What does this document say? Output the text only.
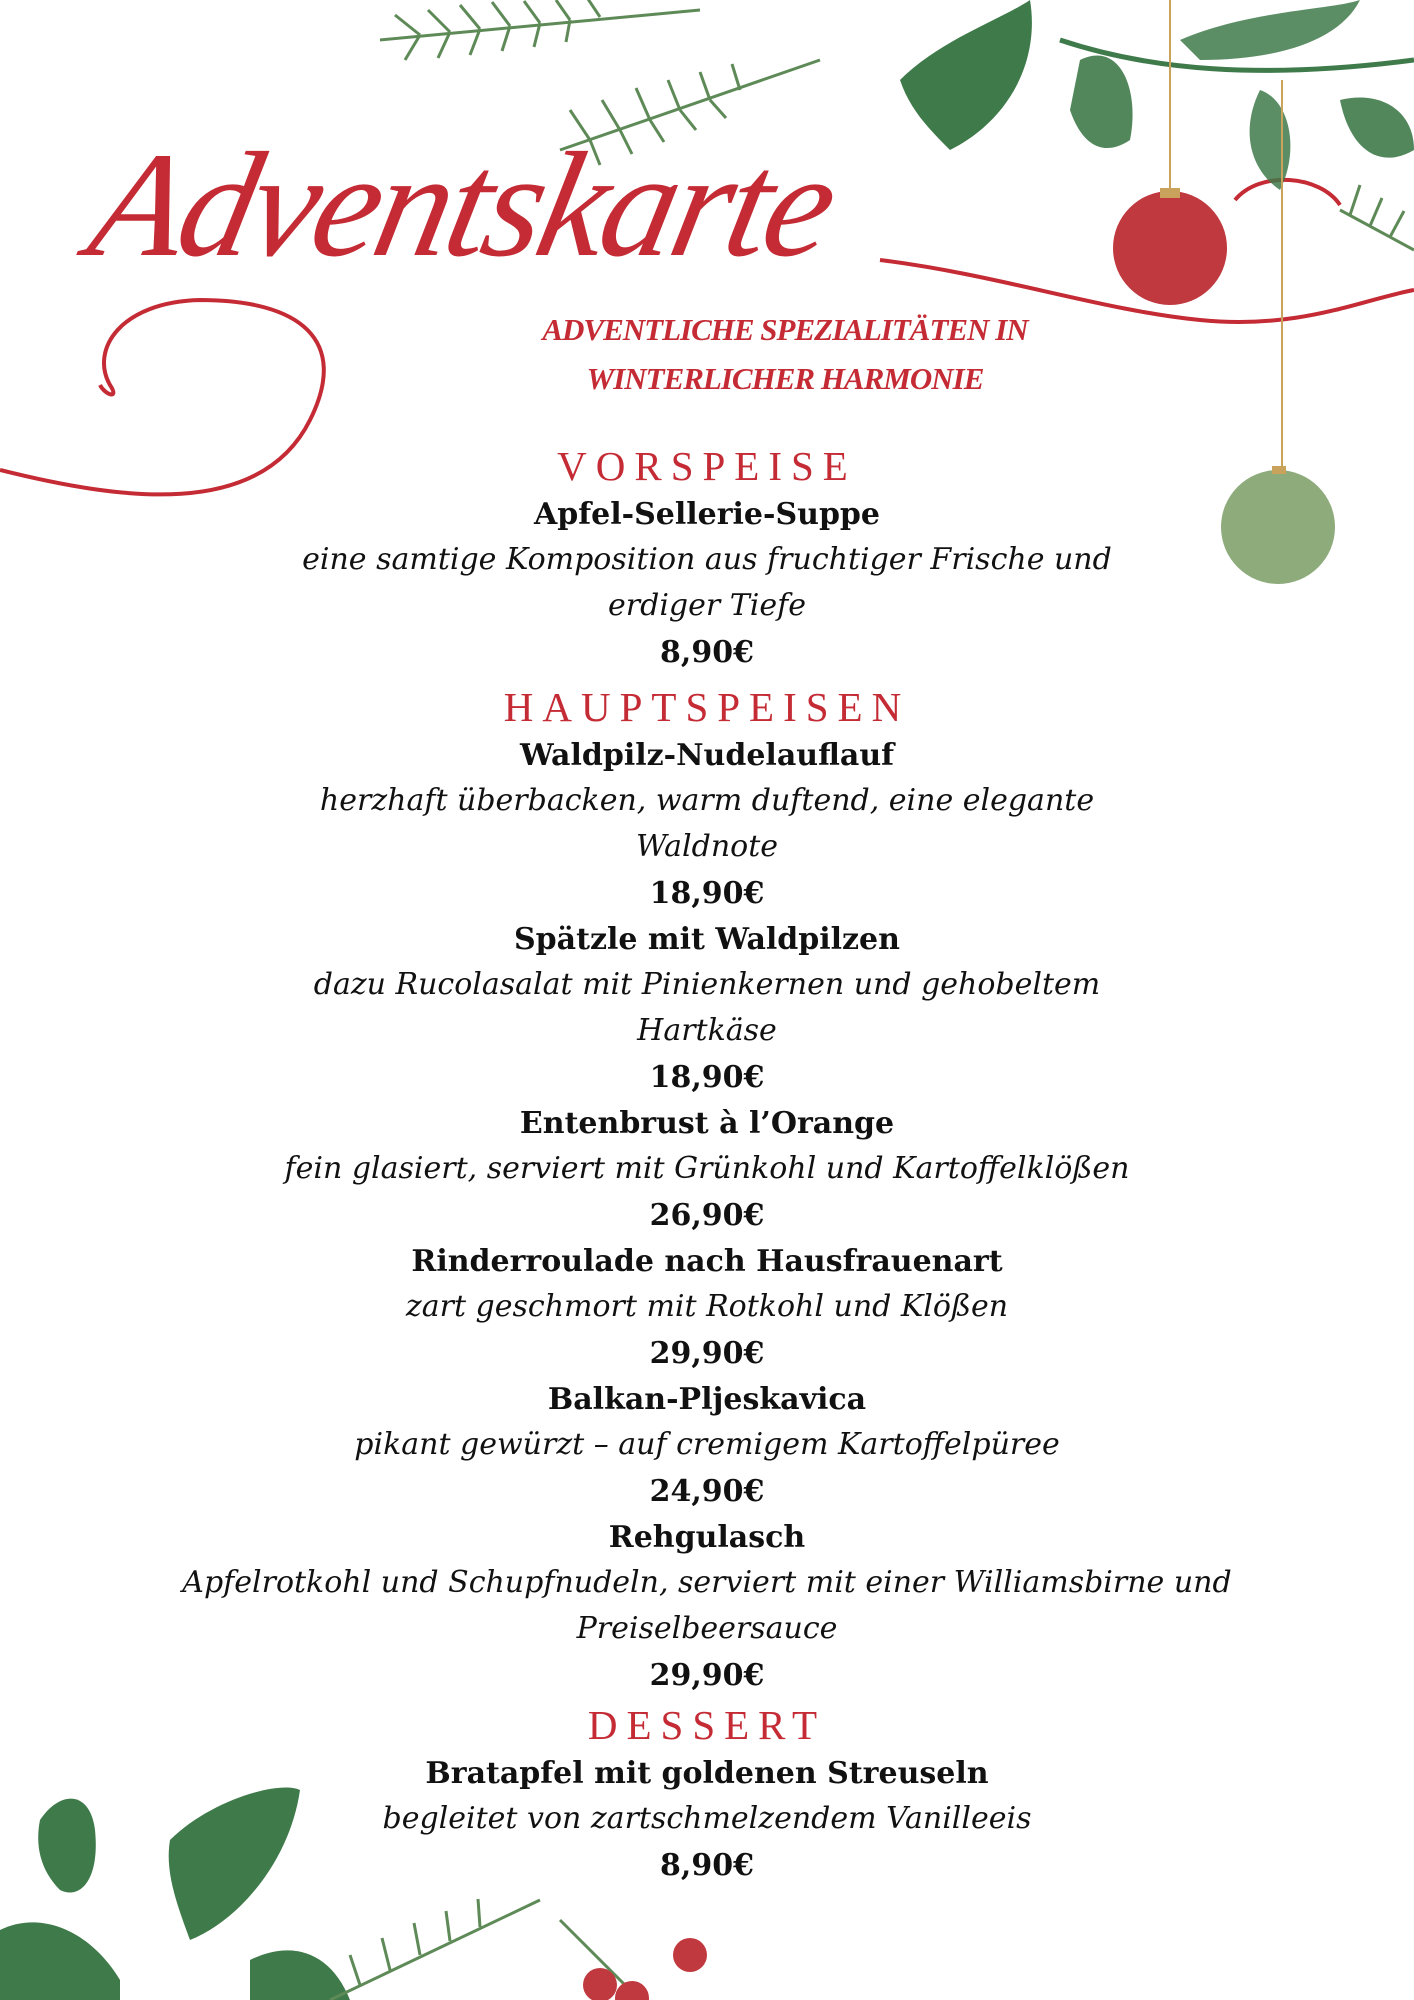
Adventskarte
ADVENTLICHE SPEZIALITÄTEN IN
WINTERLICHER HARMONIE
VORSPEISE
Apfel-Sellerie-Suppe
eine samtige Komposition aus fruchtiger Frische und erdiger Tiefe
8,90€
HAUPTSPEISEN
Waldpilz-Nudelauflauf
herzhaft überbacken, warm duftend, eine elegante Waldnote
18,90€
Spätzle mit Waldpilzen
dazu Rucolasalat mit Pinienkernen und gehobeltem Hartkäse
18,90€
Entenbrust à l’Orange
fein glasiert, serviert mit Grünkohl und Kartoffelklößen
26,90€
Rinderroulade nach Hausfrauenart
zart geschmort mit Rotkohl und Klößen
29,90€
Balkan-Pljeskavica
pikant gewürzt – auf cremigem Kartoffelpüree
24,90€
Rehgulasch
Apfelrotkohl und Schupfnudeln, serviert mit einer Williamsbirne und Preiselbeersauce
29,90€
DESSERT
Bratapfel mit goldenen Streuseln
begleitet von zartschmelzendem Vanilleeis
8,90€
